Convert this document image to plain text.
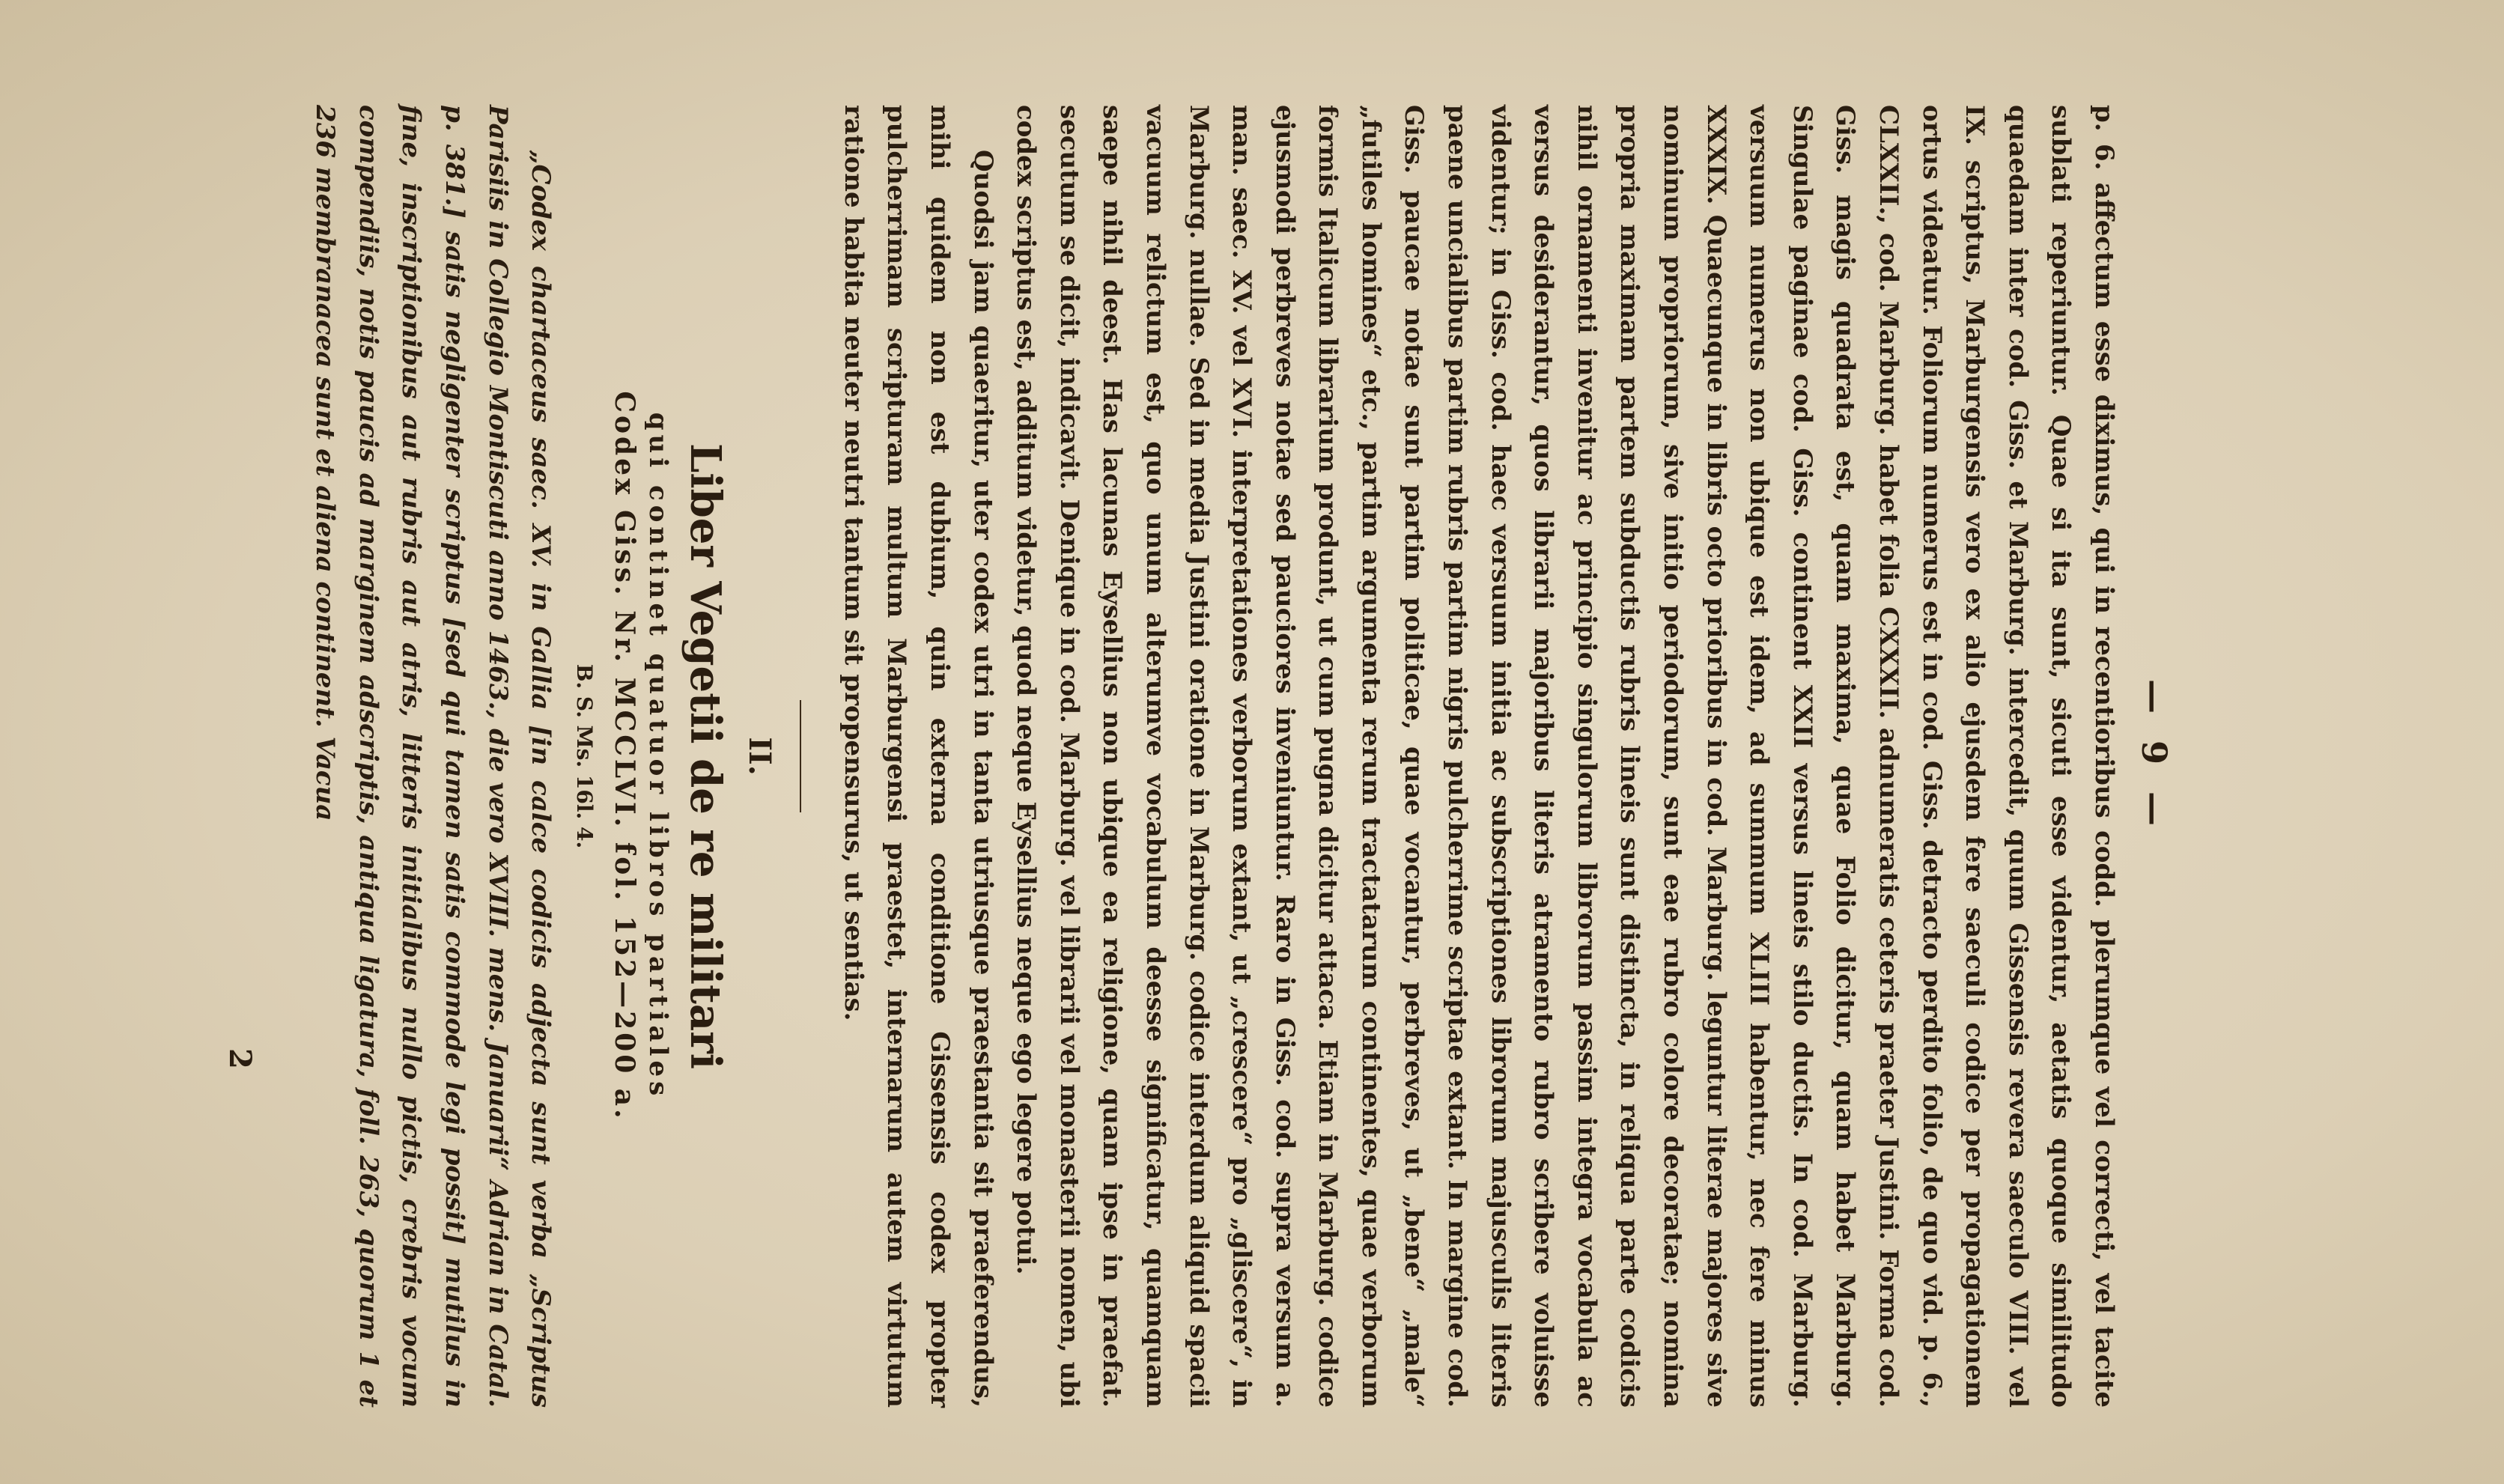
— 9 —

p. 6. affectum esse diximus, qui in recentioribus codd. plerumque vel correcti, vel tacite sublati reperiuntur. Quae si ita sunt, sicuti esse videntur, aetatis quoque similitudo quaedam inter cod. Giss. et Marburg. intercedit, quum Gissensis revera saeculo VIII. vel IX. scriptus, Marburgensis vero ex alio ejusdem fere saeculi codice per propagationem ortus videatur. Foliorum numerus est in cod. Giss. detracto perdito folio, de quo vid. p. 6., CLXXII., cod. Marburg. habet folia CXXXII. adnumeratis ceteris praeter Justini. Forma cod. Giss. magis quadrata est, quam maxima, quae Folio dicitur, quam habet Marburg. Singulae paginae cod. Giss. continent XXII versus lineis stilo ductis. In cod. Marburg. versuum numerus non ubique est idem, ad summum XLIII habentur, nec fere minus XXXIX. Quaecunque in libris octo prioribus in cod. Marburg. leguntur literae majores sive nominum propriorum, sive initio periodorum, sunt eae rubro colore decoratae; nomina propria maximam partem subductis rubris lineis sunt distincta, in reliqua parte codicis nihil ornamenti invenitur ac principio singulorum librorum passim integra vocabula ac versus desiderantur, quos librarii majoribus literis atramento rubro scribere voluisse videntur; in Giss. cod. haec versuum initia ac subscriptiones librorum majusculis literis paene uncialibus partim rubris partim nigris pulcherrime scriptae extant. In margine cod. Giss. paucae notae sunt partim politicae, quae vocantur, perbreves, ut „bene“ „male“ „futiles homines“ etc., partim argumenta rerum tractatarum continentes, quae verborum formis Italicum librarium produnt, ut cum pugna dicitur attaca. Etiam in Marburg. codice ejusmodi perbreves notae sed pauciores inveniuntur. Raro in Giss. cod. supra versum a. man. saec. XV. vel XVI. interpretationes verborum extant, ut „crescere“ pro „gliscere“, in Marburg. nullae. Sed in media Justini oratione in Marburg. codice interdum aliquid spacii vacuum relictum est, quo unum alterumve vocabulum deesse significatur, quamquam saepe nihil deest. Has lacunas Eysellius non ubique ea religione, quam ipse in praefat. secutum se dicit, indicavit. Denique in cod. Marburg. vel librarii vel monasterii nomen, ubi codex scriptus est, additum videtur, quod neque Eysellius neque ego legere potui.

Quodsi jam quaeritur, uter codex utri in tanta utriusque praestantia sit praeferendus, mihi quidem non est dubium, quin externa conditione Gissensis codex propter pulcherrimam scripturam multum Marburgensi praestet, internarum autem virtutum ratione habita neuter neutri tantum sit propensurus, ut sentias.

II.
Liber Vegetii de re militari
qui continet quatuor libros partiales
Codex Giss. Nr. MCCLVI. fol. 152—200 a.
B. S. Ms. 16l. 4.

„Codex chartaceus saec. XV. in Gallia [in calce codicis adjecta sunt verba „Scriptus Parisiis in Collegio Montiscuti anno 1463., die vero XVIII. mens. Januarii“ Adrian in Catal. p. 381.] satis negligenter scriptus [sed qui tamen satis commode legi possit] mutilus in fine, inscriptionibus aut rubris aut atris, litteris initialibus nullo pictis, crebris vocum compendiis, notis paucis ad marginem adscriptis, antiqua ligatura, foll. 263, quorum 1 et 236 membranacea sunt et aliena continent. Vacua

2
